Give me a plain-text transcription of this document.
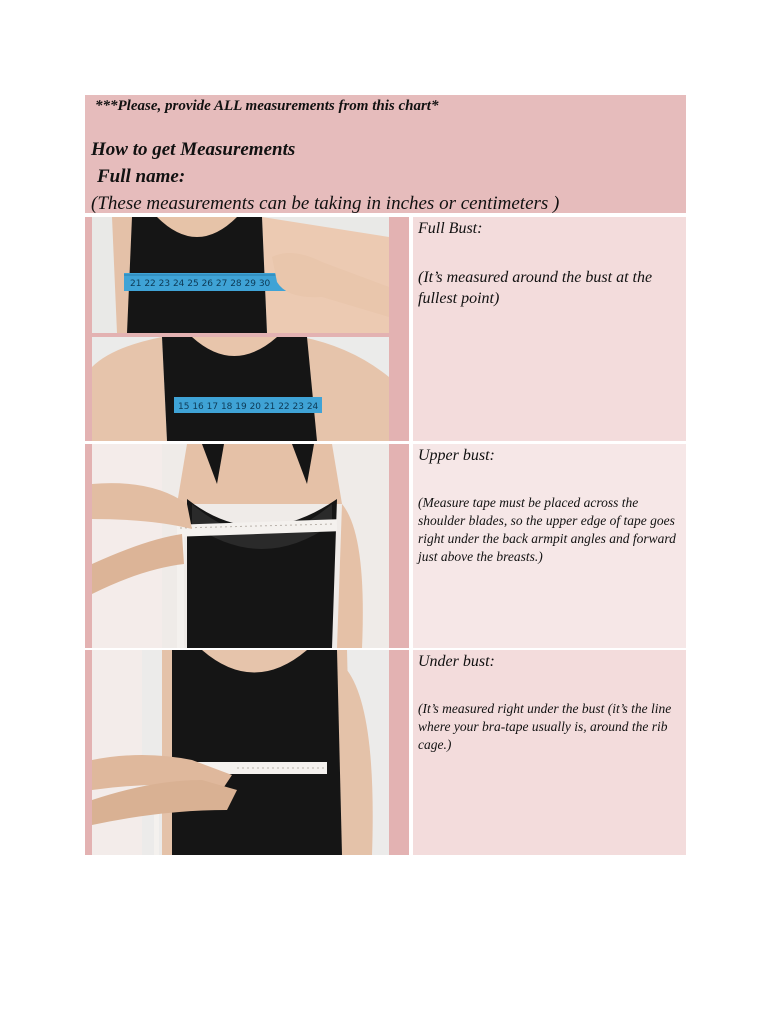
***Please, provide ALL measurements from this chart*
How to get Measurements
Full name:
(These measurements can be taking in inches or centimeters )
21 22 23 24 25 26 27 28 29 30
15 16 17 18 19 20 21 22 23 24
Full Bust:
(It’s measured around the bust at the fullest point)
Upper bust:
(Measure tape must be placed across the shoulder blades, so the upper edge of tape goes right under the back armpit angles and forward just above the breasts.)
Under bust:
(It’s measured right under the bust (it’s the line where your bra-tape usually is, around the rib cage.)
